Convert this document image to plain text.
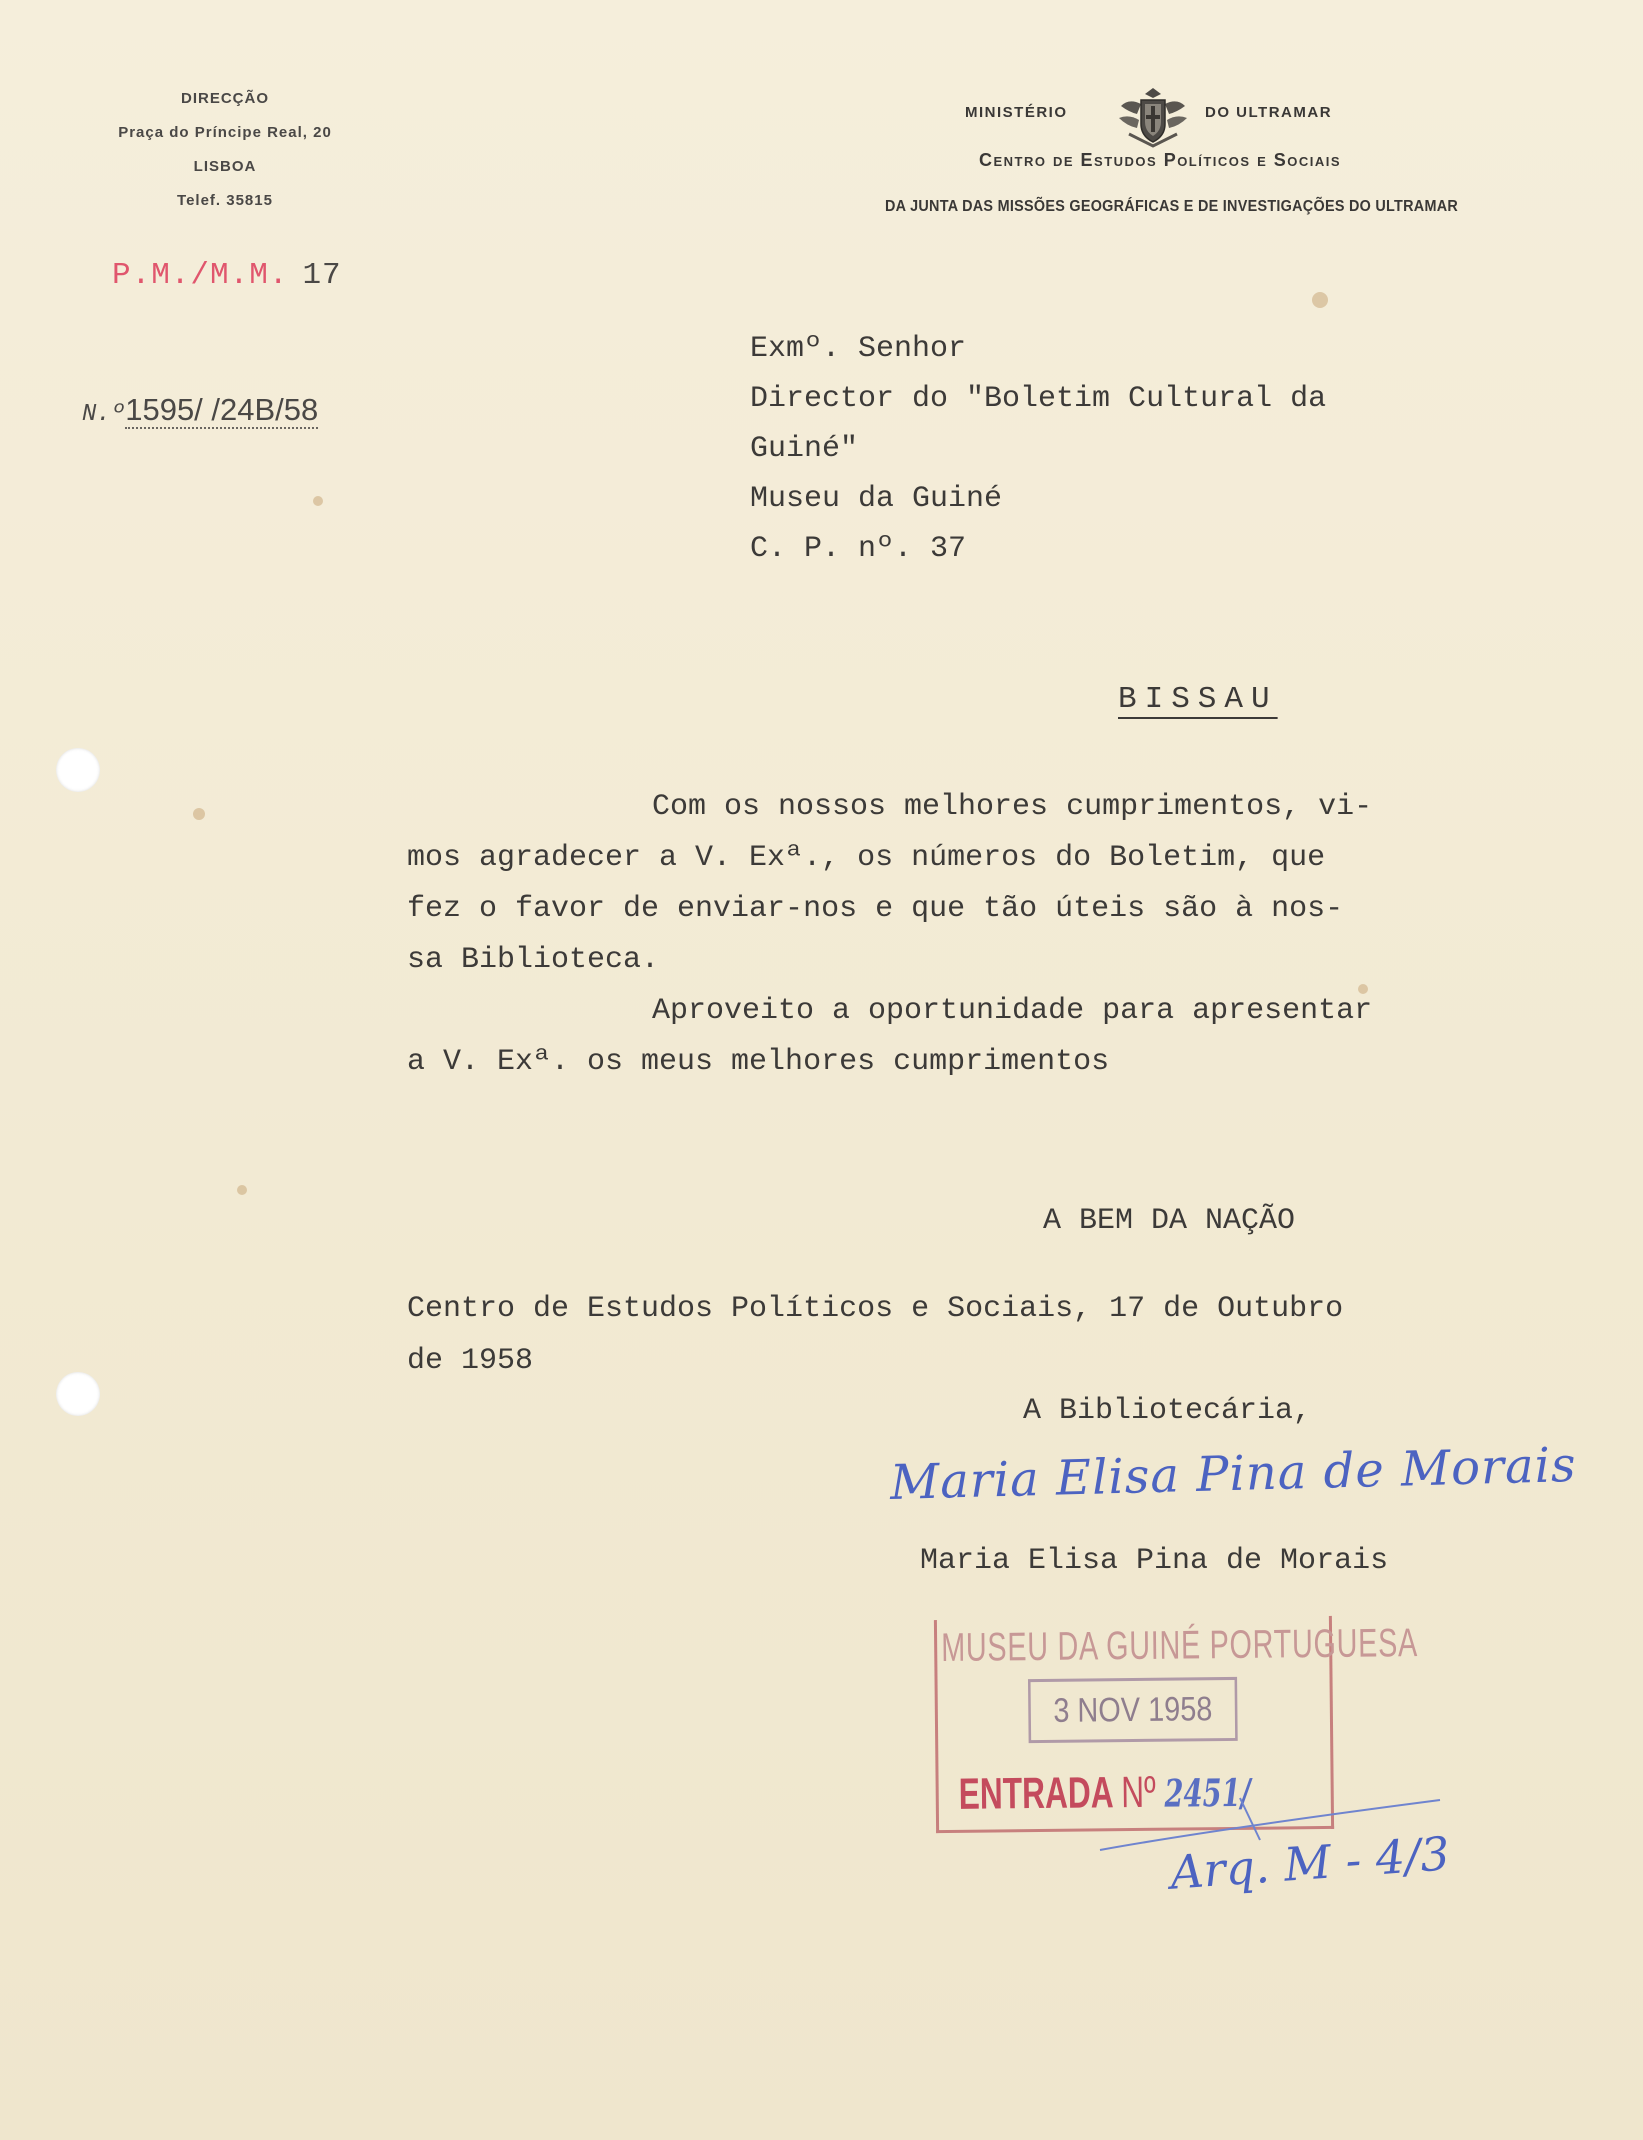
DIRECÇÃO
Praça do Príncipe Real, 20
LISBOA
Telef. 35815
MINISTÉRIO	DO ULTRAMAR
Centro de Estudos Políticos e Sociais
DA JUNTA DAS MISSÕES GEOGRÁFICAS E DE INVESTIGAÇÕES DO ULTRAMAR
P.M./M.M. 17
N.º1595/ /24B/58
Exmº. Senhor
Director do "Boletim Cultural da
Guiné"
Museu da Guiné
C. P. nº. 37
BISSAU
Com os nossos melhores cumprimentos, vi-
mos agradecer a V. Exª., os números do Boletim, que
fez o favor de enviar-nos e que tão úteis são à nos-
sa Biblioteca.
Aproveito a oportunidade para apresentar
a V. Exª. os meus melhores cumprimentos
A BEM DA NAÇÃO
Centro de Estudos Políticos e Sociais, 17 de Outubro
de 1958
A Bibliotecária,
Maria Elisa Pina de Morais
Maria Elisa Pina de Morais
MUSEU DA GUINÉ PORTUGUESA
3 NOV 1958
ENTRADA Nº 2451/
Arq. M - 4/3
